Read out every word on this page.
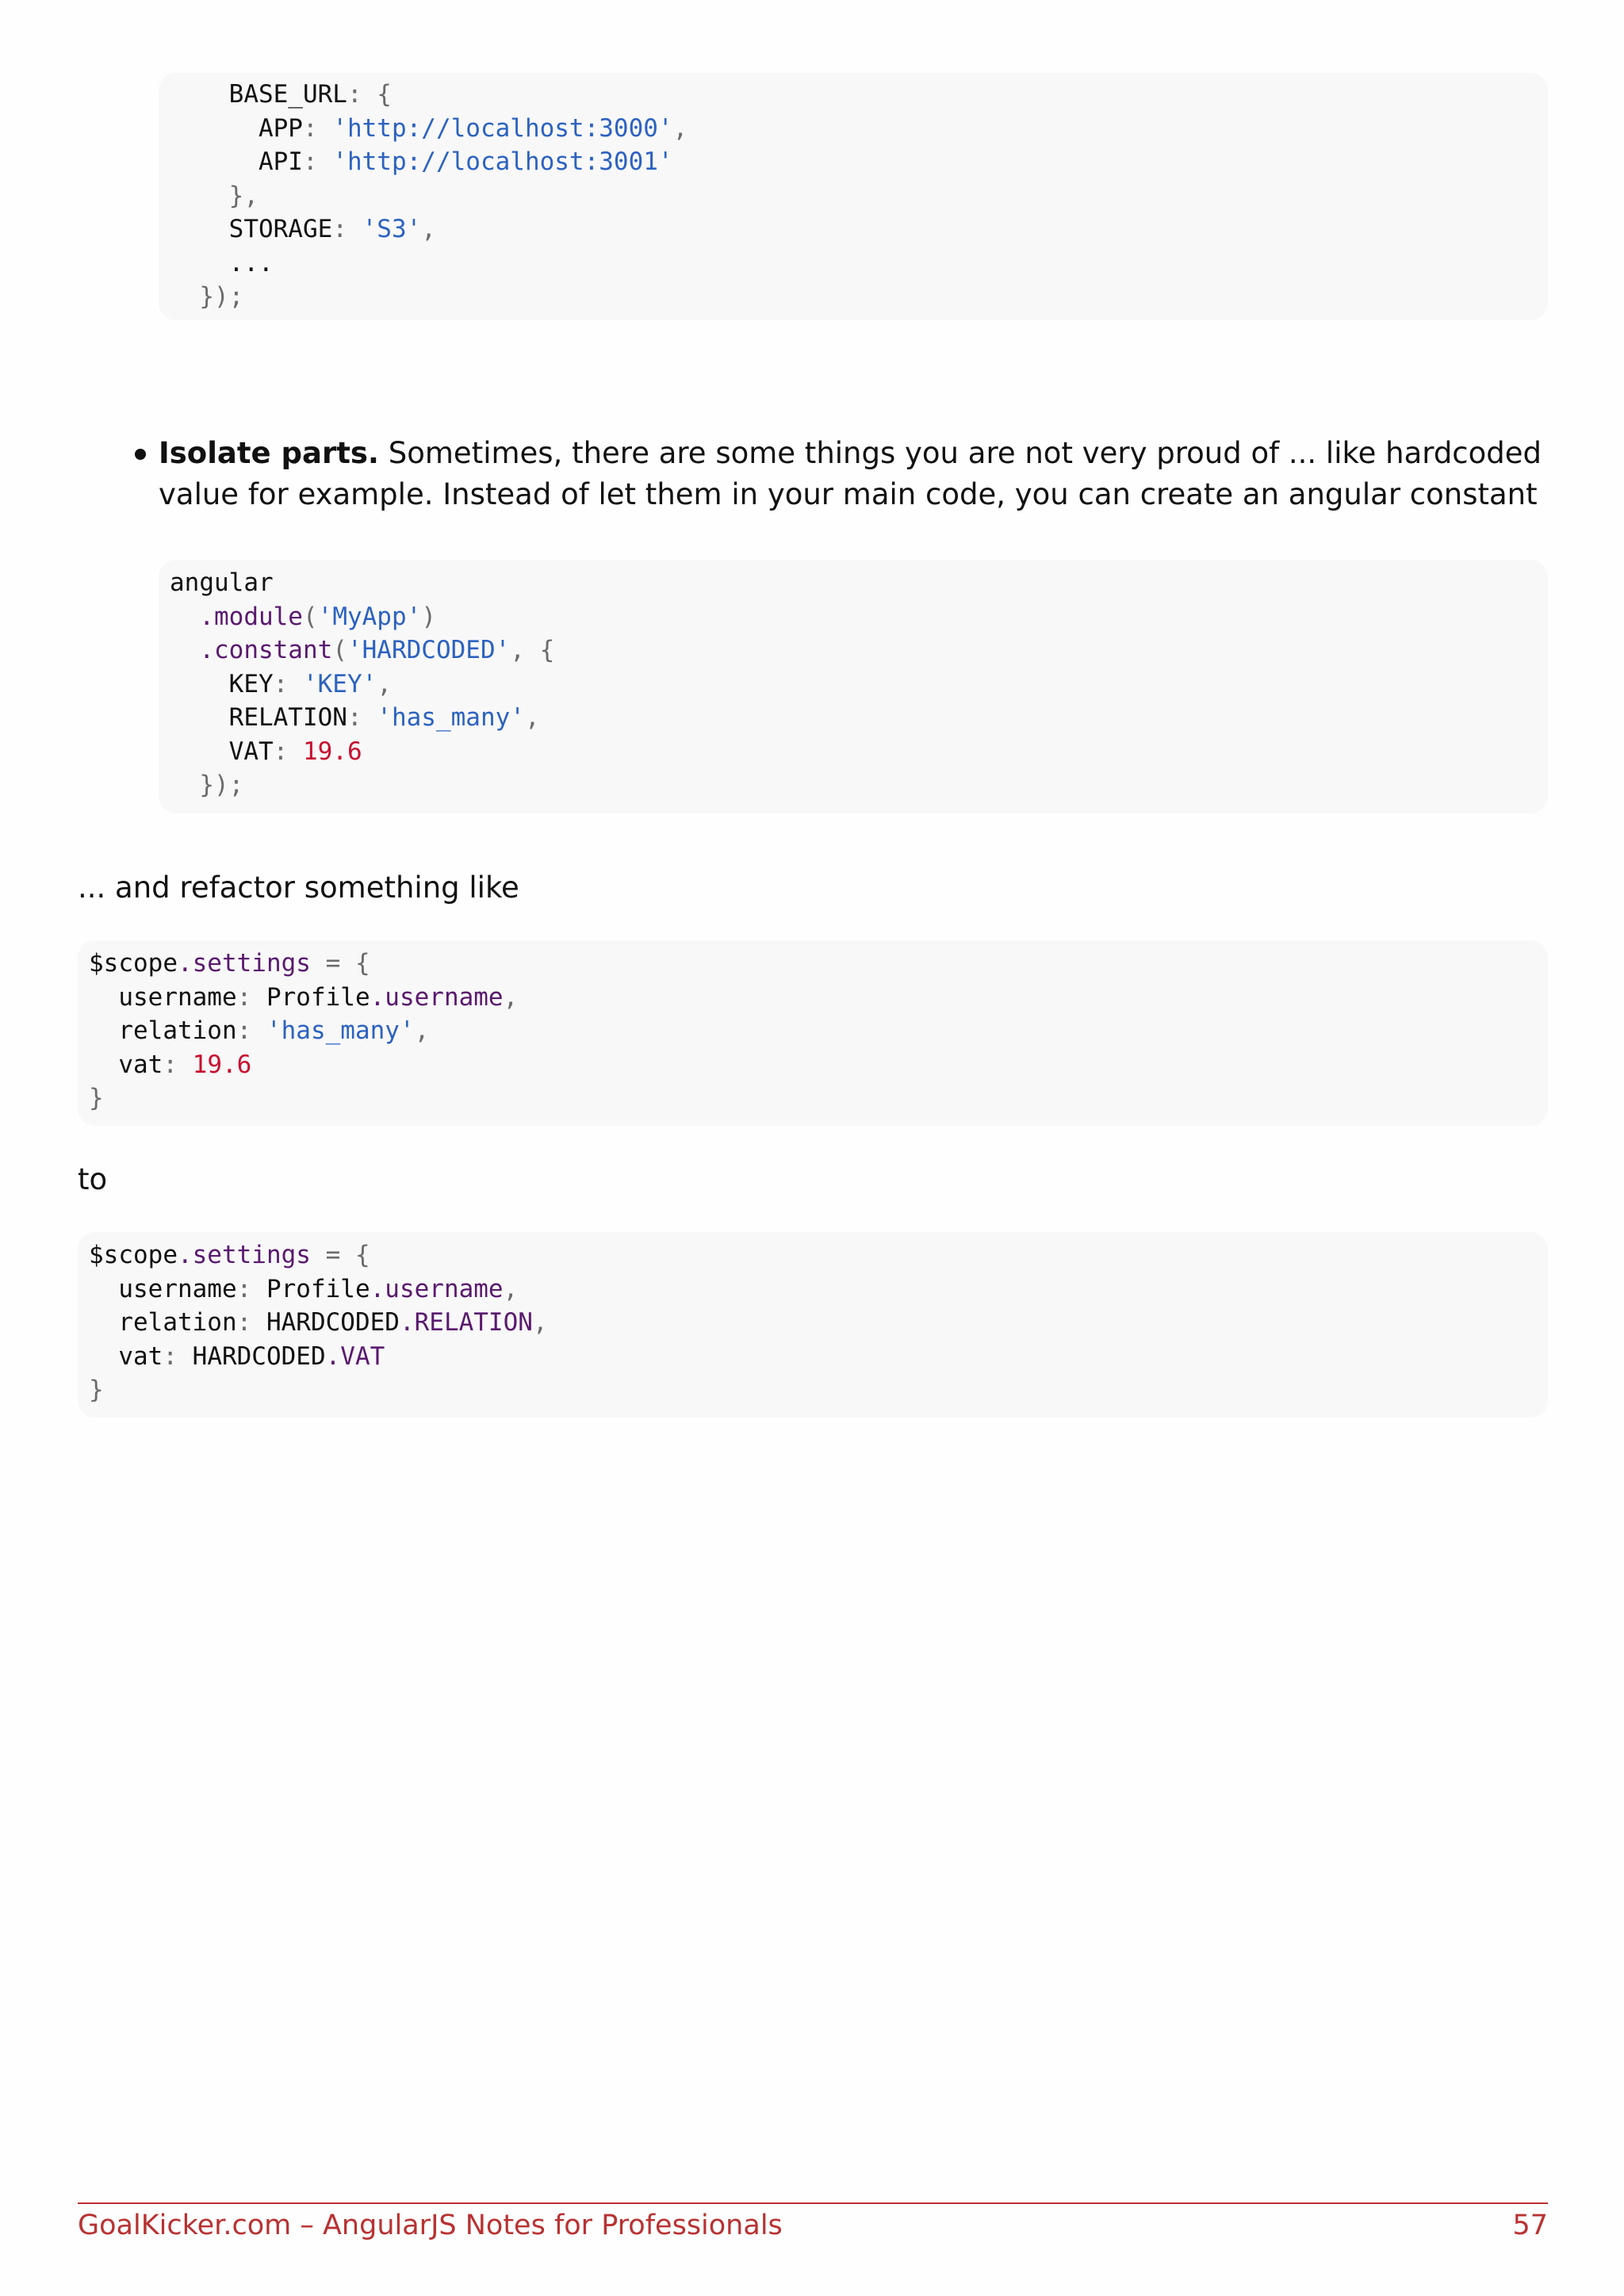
BASE_URL: {
APP: 'http://localhost:3000',
API: 'http://localhost:3001'
},
STORAGE: 'S3',
...
});
Isolate parts. Sometimes, there are some things you are not very proud of ... like hardcoded value for example. Instead of let them in your main code, you can create an angular constant
angular
.module('MyApp')
.constant('HARDCODED', {
KEY: 'KEY',
RELATION: 'has_many',
VAT: 19.6
});
... and refactor something like
$scope.settings = {
username: Profile.username,
relation: 'has_many',
vat: 19.6
}
to
$scope.settings = {
username: Profile.username,
relation: HARDCODED.RELATION,
vat: HARDCODED.VAT
}
GoalKicker.com – AngularJS Notes for Professionals	57
